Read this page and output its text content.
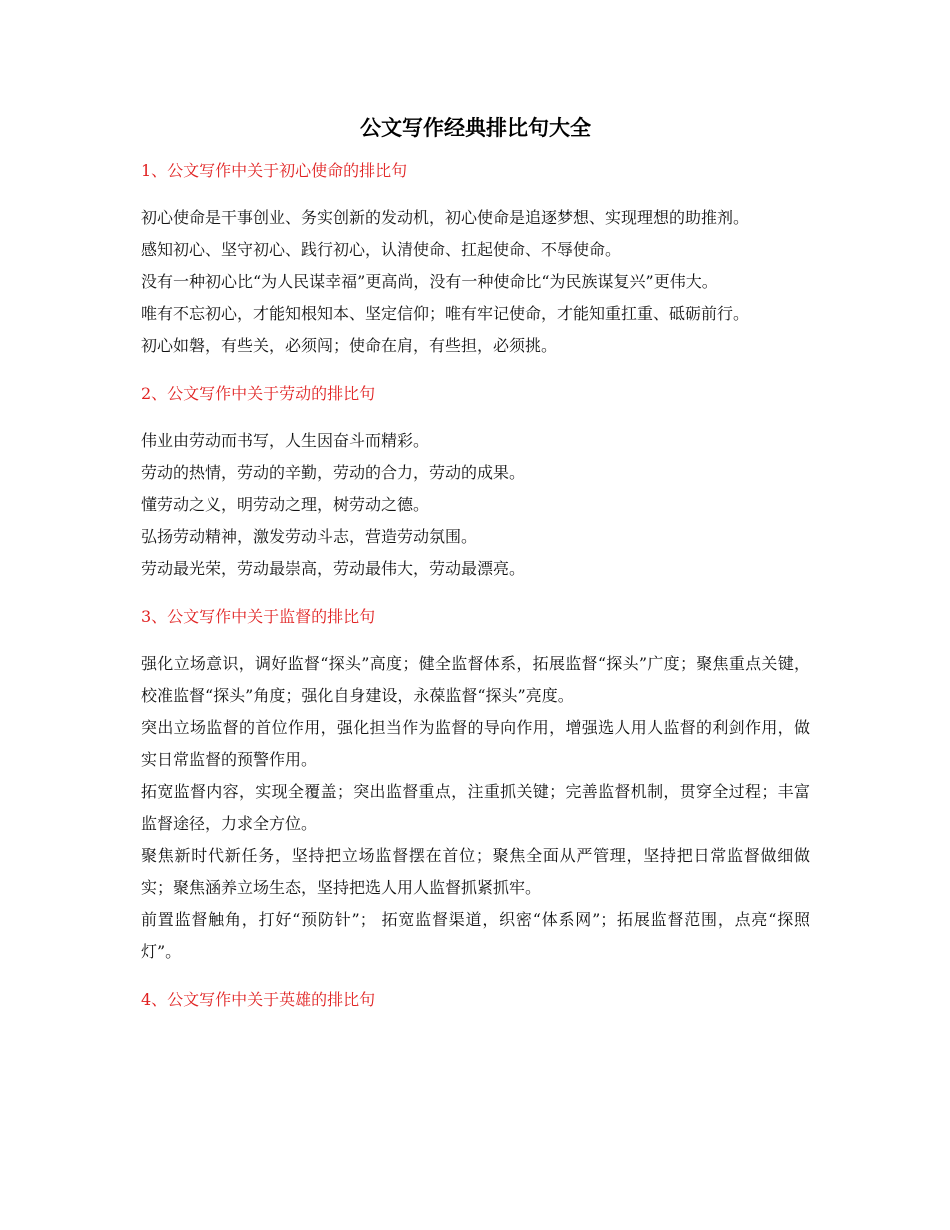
公文写作经典排比句大全
1、公文写作中关于初心使命的排比句

初心使命是干事创业、务实创新的发动机，初心使命是追逐梦想、实现理想的助推剂。

感知初心、坚守初心、践行初心，认清使命、扛起使命、不辱使命。

没有一种初心比“为人民谋幸福”更高尚，没有一种使命比“为民族谋复兴”更伟大。

唯有不忘初心，才能知根知本、坚定信仰；唯有牢记使命，才能知重扛重、砥砺前行。

初心如磐，有些关，必须闯；使命在肩，有些担，必须挑。

2、公文写作中关于劳动的排比句

伟业由劳动而书写，人生因奋斗而精彩。

劳动的热情，劳动的辛勤，劳动的合力，劳动的成果。

懂劳动之义，明劳动之理，树劳动之德。

弘扬劳动精神，激发劳动斗志，营造劳动氛围。

劳动最光荣，劳动最崇高，劳动最伟大，劳动最漂亮。

3、公文写作中关于监督的排比句

强化立场意识，调好监督“探头”高度；健全监督体系，拓展监督“探头”广度；聚焦重点关键，校准监督“探头”角度；强化自身建设，永葆监督“探头”亮度。

突出立场监督的首位作用，强化担当作为监督的导向作用，增强选人用人监督的利剑作用，做实日常监督的预警作用。

拓宽监督内容，实现全覆盖；突出监督重点，注重抓关键；完善监督机制，贯穿全过程；丰富监督途径，力求全方位。

聚焦新时代新任务，坚持把立场监督摆在首位；聚焦全面从严管理，坚持把日常监督做细做实；聚焦涵养立场生态，坚持把选人用人监督抓紧抓牢。

前置监督触角，打好“预防针”； 拓宽监督渠道，织密“体系网”；拓展监督范围，点亮“探照灯”。

4、公文写作中关于英雄的排比句
